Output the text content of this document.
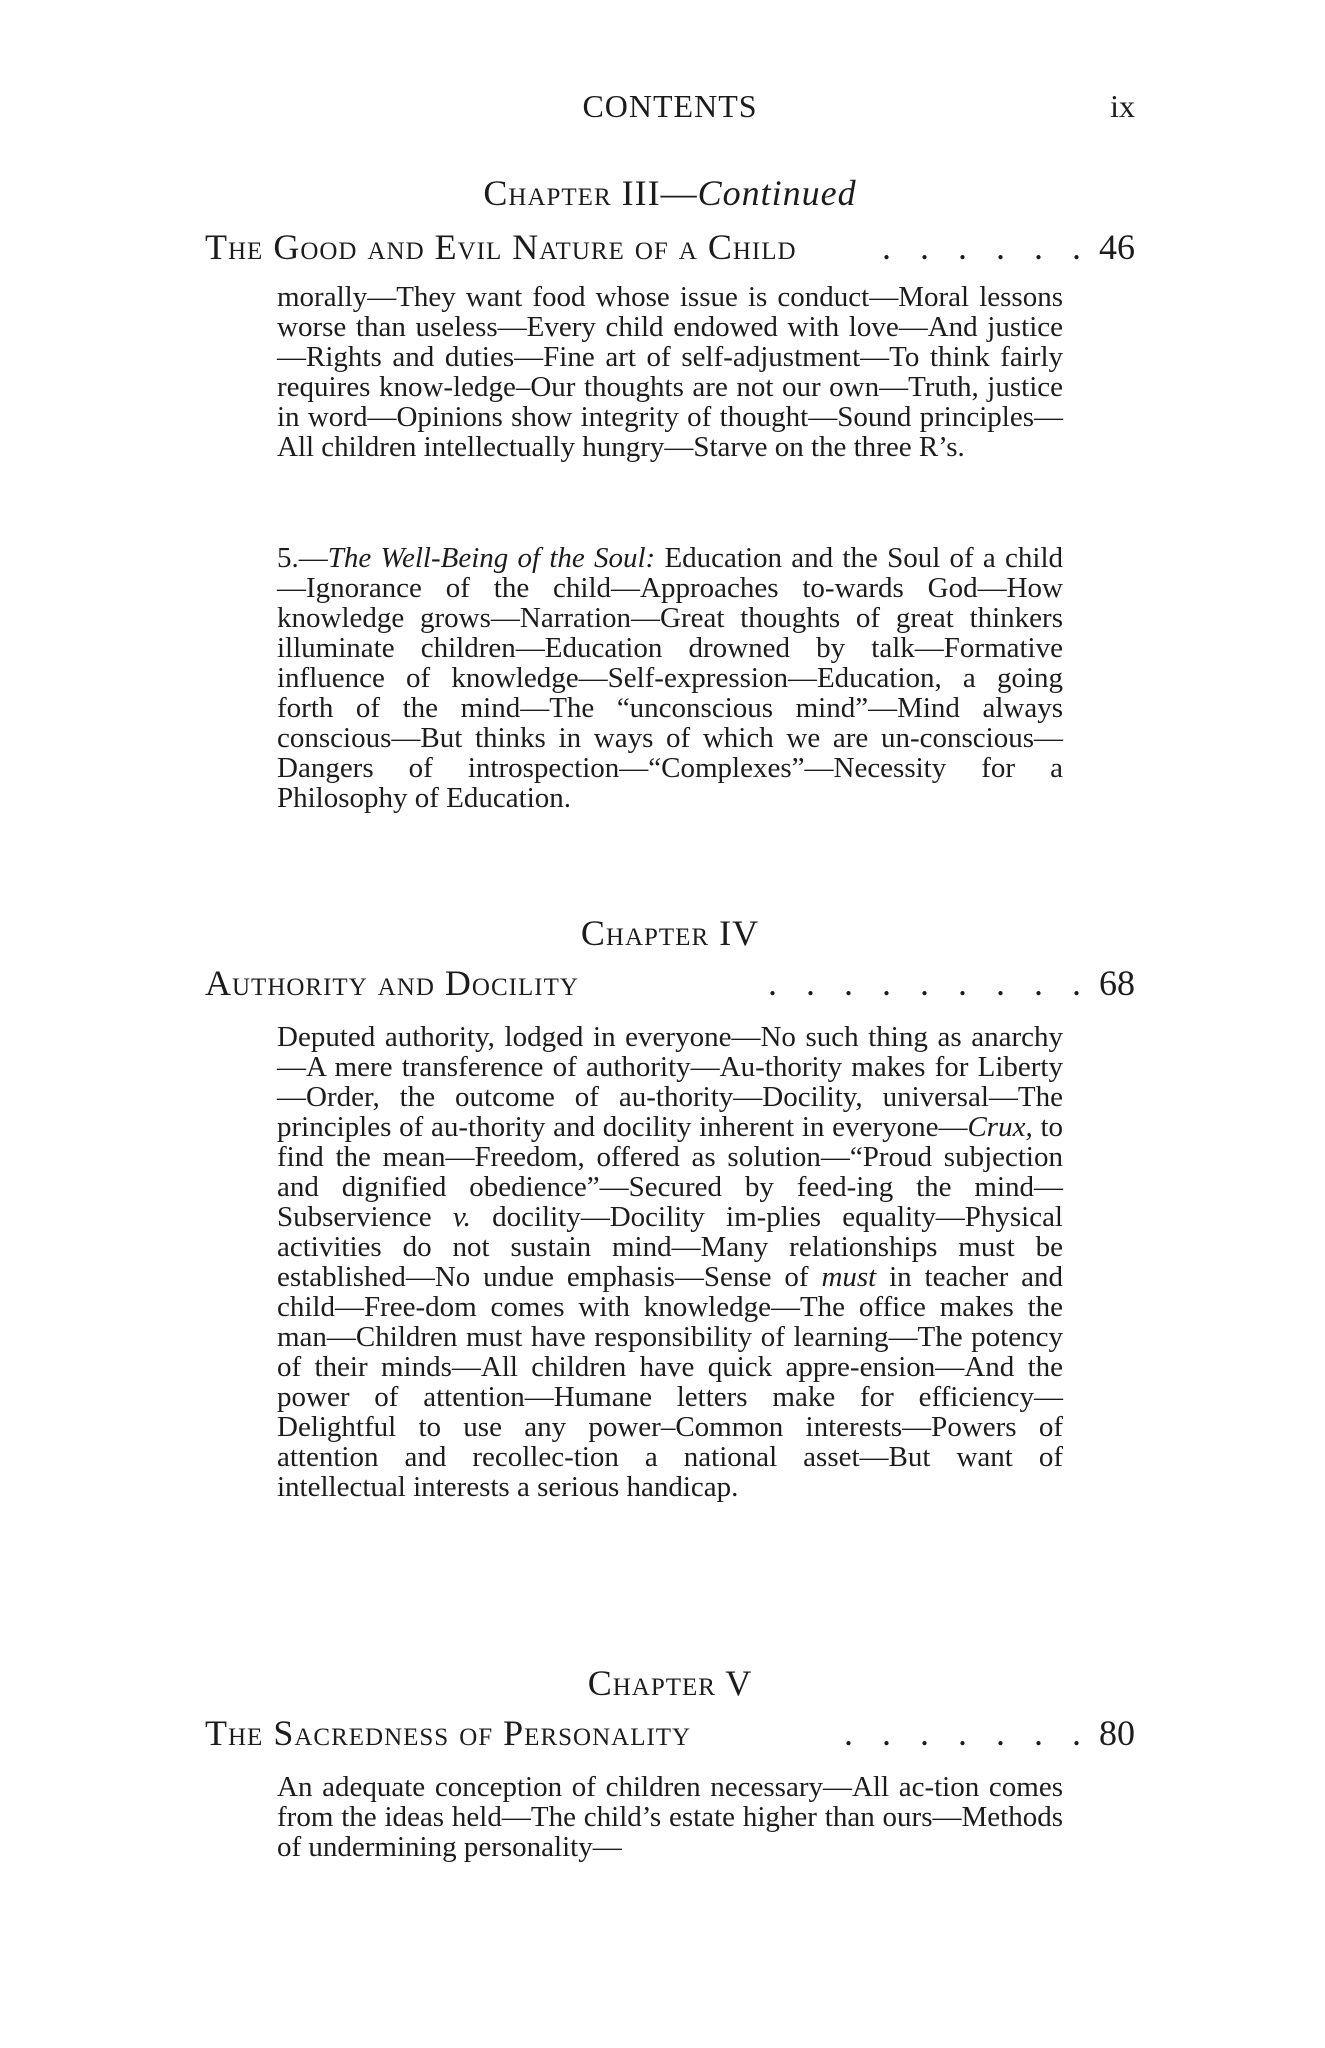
CONTENTS	ix
Chapter III—Continued
The Good and Evil Nature of a Child	. . . . . . 46
morally—They want food whose issue is conduct—Moral lessons worse than useless—Every child endowed with love—And justice—Rights and duties—Fine art of self-adjustment—To think fairly requires know-ledge–Our thoughts are not our own—Truth, justice in word—Opinions show integrity of thought—Sound principles—All children intellectually hungry—Starve on the three R’s.
5.—The Well-Being of the Soul: Education and the Soul of a child—Ignorance of the child—Approaches to-wards God—How knowledge grows—Narration—Great thoughts of great thinkers illuminate children—Education drowned by talk—Formative influence of knowledge—Self-expression—Education, a going forth of the mind—The “unconscious mind”—Mind always conscious—But thinks in ways of which we are un-conscious—Dangers of introspection—“Complexes”—Necessity for a Philosophy of Education.
Chapter IV
Authority and Docility	. . . . . . . . . 68
Deputed authority, lodged in everyone—No such thing as anarchy—A mere transference of authority—Au-thority makes for Liberty—Order, the outcome of au-thority—Docility, universal—The principles of au-thority and docility inherent in everyone—Crux, to find the mean—Freedom, offered as solution—“Proud subjection and dignified obedience”—Secured by feed-ing the mind—Subservience v. docility—Docility im-plies equality—Physical activities do not sustain mind—Many relationships must be established—No undue emphasis—Sense of must in teacher and child—Free-dom comes with knowledge—The office makes the man—Children must have responsibility of learning—The potency of their minds—All children have quick appre-ension—And the power of attention—Humane letters make for efficiency—Delightful to use any power–Common interests—Powers of attention and recollec-tion a national asset—But want of intellectual interests a serious handicap.
Chapter V
The Sacredness of Personality	. . . . . . . 80
An adequate conception of children necessary—All ac-tion comes from the ideas held—The child’s estate higher than ours—Methods of undermining personality—
